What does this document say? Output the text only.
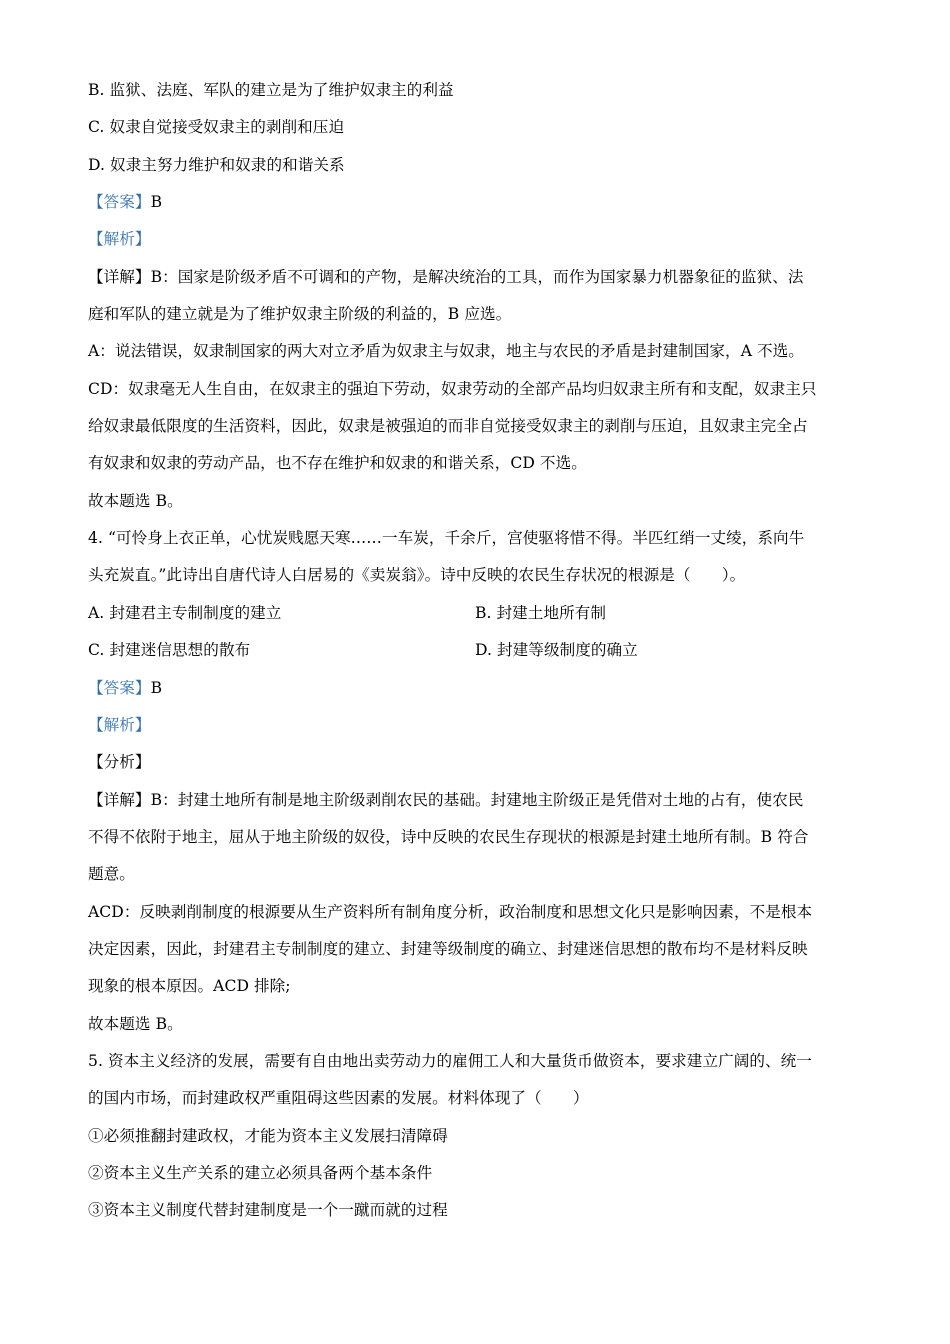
B. 监狱、法庭、军队的建立是为了维护奴隶主的利益
C. 奴隶自觉接受奴隶主的剥削和压迫
D. 奴隶主努力维护和奴隶的和谐关系
【答案】B
【解析】
【详解】B：国家是阶级矛盾不可调和的产物，是解决统治的工具，而作为国家暴力机器象征的监狱、法
庭和军队的建立就是为了维护奴隶主阶级的利益的，B 应选。
A：说法错误，奴隶制国家的两大对立矛盾为奴隶主与奴隶，地主与农民的矛盾是封建制国家，A 不选。
CD：奴隶毫无人生自由，在奴隶主的强迫下劳动，奴隶劳动的全部产品均归奴隶主所有和支配，奴隶主只
给奴隶最低限度的生活资料，因此，奴隶是被强迫的而非自觉接受奴隶主的剥削与压迫，且奴隶主完全占
有奴隶和奴隶的劳动产品，也不存在维护和奴隶的和谐关系，CD 不选。
故本题选 B。
4. “可怜身上衣正单，心忧炭贱愿天寒……一车炭，千余斤，宫使驱将惜不得。半匹红绡一丈绫，系向牛
头充炭直。”此诗出自唐代诗人白居易的《卖炭翁》。诗中反映的农民生存状况的根源是（　　）。
A. 封建君主专制制度的建立	B. 封建土地所有制
C. 封建迷信思想的散布	D. 封建等级制度的确立
【答案】B
【解析】
【分析】
【详解】B：封建土地所有制是地主阶级剥削农民的基础。封建地主阶级正是凭借对土地的占有，使农民
不得不依附于地主，屈从于地主阶级的奴役，诗中反映的农民生存现状的根源是封建土地所有制。B 符合
题意。
ACD：反映剥削制度的根源要从生产资料所有制角度分析，政治制度和思想文化只是影响因素，不是根本
决定因素，因此，封建君主专制制度的建立、封建等级制度的确立、封建迷信思想的散布均不是材料反映
现象的根本原因。ACD 排除;
故本题选 B。
5. 资本主义经济的发展，需要有自由地出卖劳动力的雇佣工人和大量货币做资本，要求建立广阔的、统一
的国内市场，而封建政权严重阻碍这些因素的发展。材料体现了（　　）
①必须推翻封建政权，才能为资本主义发展扫清障碍
②资本主义生产关系的建立必须具备两个基本条件
③资本主义制度代替封建制度是一个一蹴而就的过程
